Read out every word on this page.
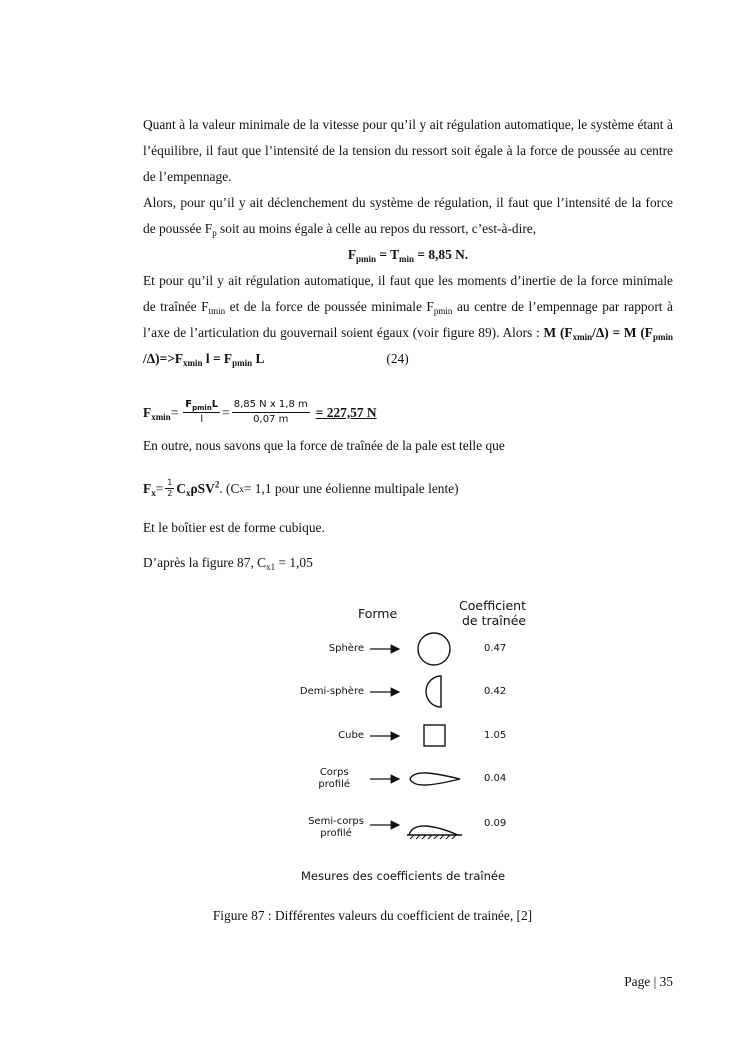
Quant à la valeur minimale de la vitesse pour qu’il y ait régulation automatique, le système étant à l’équilibre, il faut que l’intensité de la tension du ressort soit égale à la force de poussée au centre de l’empennage.

Alors, pour qu’il y ait déclenchement du système de régulation, il faut que l’intensité de la force de poussée $F_p$ soit au moins égale à celle au repos du ressort, c’est-à-dire,

$F_{pmin} = T_{min} = 8,85$ N.

Et pour qu’il y ait régulation automatique, il faut que les moments d’inertie de la force minimale de traînée $F_{tmin}$ et de la force de poussée minimale $F_{pmin}$ au centre de l’empennage par rapport à l’axe de l’articulation du gouvernail soient égaux (voir figure 89). Alors : M $(F_{xmin}/\Delta) = M$ ($F_{pmin}$ $/\Delta)=>F_{xmin}$ $l = F_{pmin}$ L	(24)

$F_{xmin} = \frac{F_{pmin}L}{l} = \frac{\text{8,85 N x 1,8 m}}{0,07 m} = 227,57$ N
En outre, nous savons que la force de traînée de la pale est telle que
$F_x = \frac{1}{2} C_x\rho SV^2$ . (C x = 1,1 pour une éolienne multipale lente)
Et le boîtier est de forme cubique.
D’après la figure 87, $C_{x1} = 1,05$
Forme
Coefficient
de traînée
Sphère
Demi-sphère
Cube
Corps
profilé
Semi-corps
profilé
0.47
0.42
1.05
0.04
0.09
Mesures des coefficients de traînée
Figure 87 : Différentes valeurs du coefficient de trainée, [2]
Page | 35
